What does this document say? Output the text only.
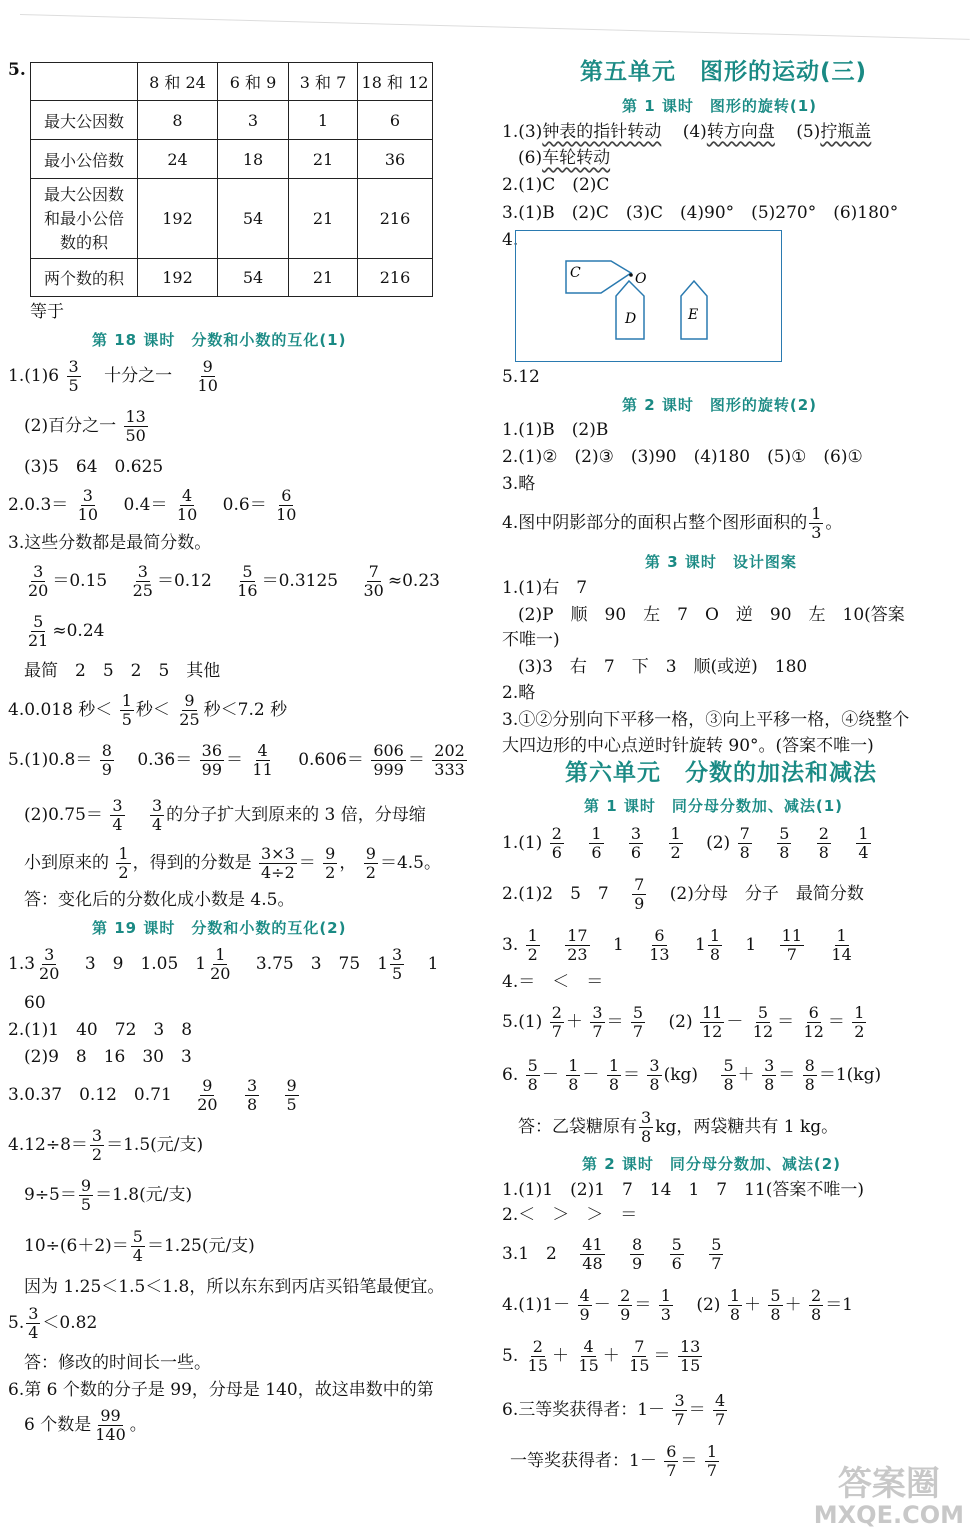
5.
	8 和 24	6 和 9	3 和 7	18 和 12
最大公因数	8	3	1	6
最小公倍数	24	18	21	36
最大公因数和最小公倍数的积	192	54	21	216
两个数的积	192	54	21	216
等于
第 18 课时　分数和小数的互化(1)
$1.(1)6 \frac{3}{5}$ 十分之一 $\frac{9}{10}$
(2)百分之一 $\frac{13}{50}$
(3)5　64　0.625
$2.0.3= \frac{3}{10} 0.4= \frac{4}{10} 0.6= \frac{6}{10}$
3.这些分数都是最简分数。
$\frac{3}{20} =0.15 \frac{3}{25} =0.12 \frac{5}{16} =0.3125 \frac{7}{30} \approx 0.23$
$\frac{5}{21} \approx 0.24$
最简　2　5　2　5　其他
4.0.018 秒＜ $\frac{1}{5}$ 秒＜ $\frac{9}{25}$ 秒＜7.2 秒
$5.(1)0.\cdot 8= \frac{8}{9} 0.\cdot 3\cdot 6= \frac{36}{99} = \frac{4}{11} 0.\cdot 60\cdot 6= \frac{606}{999} = \frac{202}{333}$
$(2)0.75= \frac{3}{4}$
$\frac{3}{4}$ 的分子扩大到原来的 3 倍，分母缩
小到原来的 $\frac{1}{2}$ ，得到的分数是 $\frac{3\times 3}{4\div 2} = \frac{9}{2}$ ， $\frac{9}{2} =4.5$。
答：变化后的分数化成小数是 4.5。
第 19 课时　分数和小数的互化(2)
$1.3 \frac{3}{20} 3$　9　1.05　$1 \frac{1}{20} 3.75$　3　75　$1 \frac{3}{5} 1$
60
2.(1)1　40　72　3　8
(2)9　8　16　30　3
3.0.37　0.12　$0.71 \frac{9}{20}$
$\frac{3}{8}$
$\frac{9}{5}$
$4.12\div 8= \frac{3}{2} =1.5$(元/支)
$9\div 5= \frac{9}{5} =1.8$(元/支)
$10\div(6+2)= \frac{5}{4} =1.25$(元/支)
因为 1.25＜1.5＜1.8，所以东东到丙店买铅笔最便宜。
5. $\frac{3}{4} <0.82$
答：修改的时间长一些。
6.第 6 个数的分子是 99，分母是 140，故这串数中的第
6 个数是 $\frac{99}{140}$ 。
第五单元　图形的运动(三)
第 1 课时　图形的旋转(1)
1.(3)钟表的指针转动 (4)转方向盘 (5)拧瓶盖
(6)车轮转动
2.(1)C　(2)C
3.(1)B　(2)C　(3)C　(4)90°　(5)270°　(6)180°
4.
C	O
D	E
5.12
第 2 课时　图形的旋转(2)
1.(1)B　(2)B
2.(1)②　(2)③　(3)90　(4)180　(5)①　(6)①
3.略
4.图中阴影部分的面积占整个图形面积的 $\frac{1}{3}$ 。
第 3 课时　设计图案
1.(1)右　7
(2)P　顺　90　左　7　O　逆　90　左　10(答案
不唯一)
(3)3　右　7　下　3　顺(或逆)　180
2.略
3.①②分别向下平移一格，③向上平移一格，④绕整个
大四边形的中心点逆时针旋转 90°。(答案不唯一)
第六单元　分数的加法和减法
第 1 课时　同分母分数加、减法(1)
$1.(1) \frac{2}{6}$
$\frac{1}{6}$
$\frac{3}{6}$
$\frac{1}{2} (2) \frac{7}{8}$
$\frac{5}{8}$
$\frac{2}{8}$
$\frac{1}{4}$
2.(1)2　5　$7 \frac{7}{9} (2)$分母　分子　最简分数
3. $\frac{1}{2}$
$\frac{17}{23} 1 \frac{6}{13} 1 \frac{1}{8} 1 \frac{11}{7}$
$\frac{1}{14}$
4.＝　＜　＝
$5.(1) \frac{2}{7} + \frac{3}{7} = \frac{5}{7} (2) \frac{11}{12} - \frac{5}{12} = \frac{6}{12} = \frac{1}{2}$
6. $\frac{5}{8} - \frac{1}{8} - \frac{1}{8} = \frac{3}{8} (kg) \frac{5}{8} + \frac{3}{8} = \frac{8}{8} =1(kg)$
答：乙袋糖原有 $\frac{3}{8}$ kg，两袋糖共有 1 kg。
第 2 课时　同分母分数加、减法(2)
1.(1)1　(2)1　7　14　1　7　11(答案不唯一)
2.＜　＞　＞　＝
3.1　$2 \frac{41}{48}$
$\frac{8}{9}$
$\frac{5}{6}$
$\frac{5}{7}$
$4.(1)1- \frac{4}{9} - \frac{2}{9} = \frac{1}{3} (2) \frac{1}{8} + \frac{5}{8} + \frac{2}{8} =1$
5. $\frac{2}{15} + \frac{4}{15} + \frac{7}{15} = \frac{13}{15}$
6.三等奖获得者：$1- \frac{3}{7} = \frac{4}{7}$
一等奖获得者：$1- \frac{6}{7} = \frac{1}{7}$
答案圈
MXQE.COM
